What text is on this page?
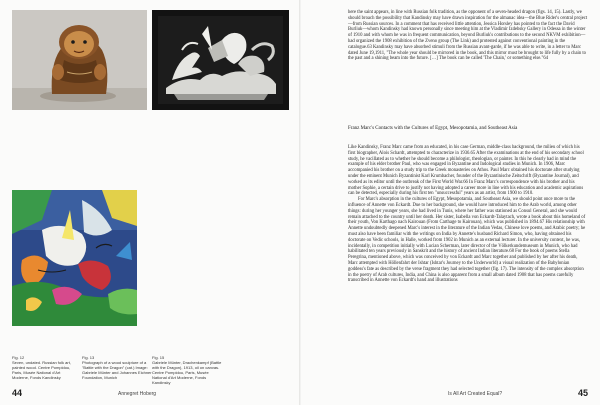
Fig. 12
Seven, undated. Russian folk art, painted wood. Centre Pompidou, Paris, Musée National d'Art Moderne, Fonds Kandinsky
Fig. 13
Photograph of a wood sculpture of a "Battle with the Dragon" (cat.) Image: Gabriele Münter and Johannes Eichner Foundation, Munich
Fig. 15
Gabriele Münter, Drachenkampf (Battle with the Dragon), 1913, oil on canvas. Centre Pompidou, Paris, Musée National d'Art Moderne, Fonds Kandinsky
44	Annegret Hoberg

here the saint appears, in line with Russian folk tradition, as the opponent of a seven-headed dragon (figs. 14, 15). Lastly, we should broach the possibility that Kandinsky may have drawn inspiration for the almanac idea—the Blue Rider's central project—from Russian sources. In a comment that has received little attention, Jessica Horsley has pointed to the fact the David Burliuk—whom Kandinsky had known personally since meeting him at the Vladimir Izdebsky Gallery in Odessa in the winter of 1910 and with whom he was in frequent communication, beyond Burliuk's contributions to the second NKVM exhibition—had organized the 1908 exhibition of the Zveno group (The Link) and protested against conventional painting in the catalogue.63 Kandinsky may have absorbed stimuli from the Russian avant-garde, if he was able to write, in a letter to Marc dated June 19,1911, "The whole year should be mirrored in the book, and this mirror must be brought to life fully by a chain to the past and a shining beam into the future. […] The book can be called 'The Chain,' or something else."64

Franz Marc's Contacts with the Cultures of Egypt, Mesopotamia, and Southeast Asia

Like Kandinsky, Franz Marc came from an educated, in his case German, middle-class background, the milieu of which his first biographer, Alois Schardt, attempted to characterize in 1936.65 After the examinations at the end of his secondary school study, he vacillated as to whether he should become a philologist, theologian, or painter. In this he clearly had in mind the example of his elder brother Paul, who was engaged in Byzantine and Indological studies in Munich. In 1906, Marc accompanied his brother on a study trip to the Greek monasteries on Athos. Paul Marc obtained his doctorate after studying under the eminent Munich Byzantinist Karl Krumbacher, founder of the Byzantinische Zeitschrift (Byzantine Journal), and worked as its editor until the outbreak of the First World War.66 In Franz Marc's correspondence with his brother and his mother Sophie, a certain drive to justify not having adopted a career more in line with his education and academic aspirations can be detected, especially during his first ten "unsuccessful" years as an artist, from 1900 to 1910.

For Marc's absorption in the cultures of Egypt, Mesopotamia, and Southeast Asia, we should point once more to the influence of Annette von Eckardt. Due to her background, she would have introduced him to the Arab world, among other things: during her younger years, she had lived in Tunis, where her father was stationed as Consul General, and she would remain attached to the country until her death. Her sister, Isabella von Eckardt-Talaytach, wrote a book about this homeland of their youth, Von Karthago nach Kairouan (From Carthage to Kairouan), which was published in 1894.67 His relationship with Annette undoubtedly deepened Marc's interest in the literature of the Indian Vedas, Chinese love poems, and Arabic poetry; he must also have been familiar with the writings on India by Annette's husband Richard Simon, who, having obtained his doctorate on Vedic schools, in Halle, worked from 1902 in Munich as an external lecturer. In the university context, he was, incidentally, in competition initially with Lucian Scherman, later director of the Völkerkundemuseum in Munich, who had habilitated ten years previously in Sanskrit and the history of ancient Indian literature.68 For the book of poems Stella Peregrina, mentioned above, which was conceived by von Eckardt and Marc together and published by her after his death, Marc attempted with Höllenfahrt der Ishtar (Ishtar's Journey to the Underworld) a visual realization of the Babylonian goddess's fate as described by the verse fragment they had selected together (fig. 17). The intensity of the complex absorption in the poetry of Arab cultures, India, and China is also apparent from a small album dated 1908 that has poems carefully transcribed in Annette von Eckardt's hand and illustrations

Is All Art Created Equal?	45
